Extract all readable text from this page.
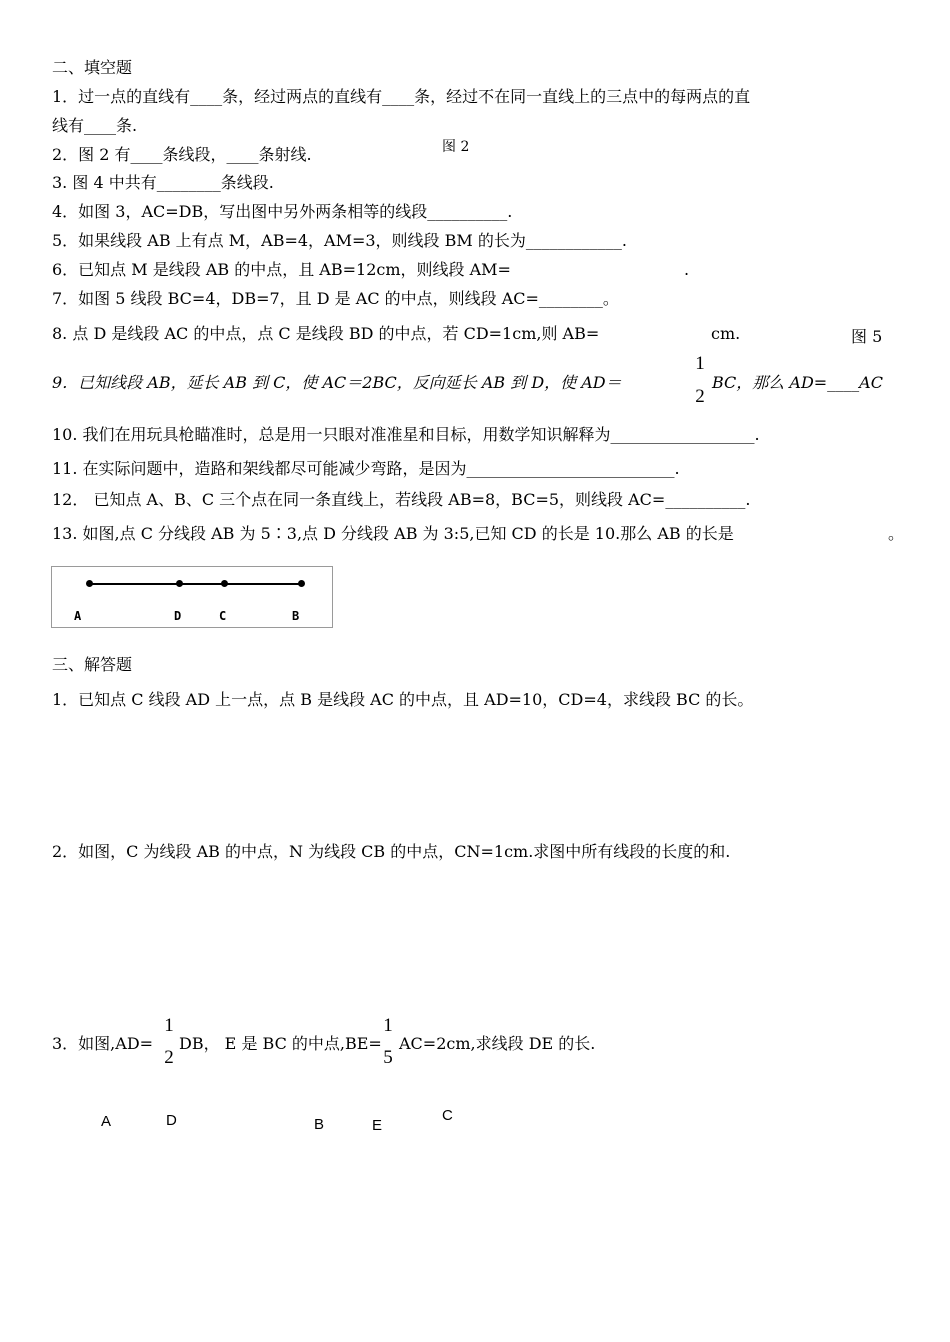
二、填空题
1．过一点的直线有____条，经过两点的直线有____条，经过不在同一直线上的三点中的每两点的直
线有____条.
2．图 2 有____条线段，____条射线.	图 2
3. 图 4 中共有________条线段.
4．如图 3，AC=DB，写出图中另外两条相等的线段__________.
5．如果线段 AB 上有点 M，AB=4，AM=3，则线段 BM 的长为____________.
6．已知点 M 是线段 AB 的中点，且 AB=12cm，则线段 AM=	.
7．如图 5 线段 BC=4，DB=7，且 D 是 AC 的中点，则线段 AC=________。
8. 点 D 是线段 AC 的中点，点 C 是线段 BD 的中点，若 CD=1cm,则 AB=	cm.	图 5
9．已知线段 AB，延长 AB 到 C，使 AC＝2BC，反向延长 AB 到 D，使 AD＝
1
2
BC，那么 AD=____AC
10. 我们在用玩具枪瞄准时，总是用一只眼对准准星和目标，用数学知识解释为__________________.
11. 在实际问题中，造路和架线都尽可能减少弯路，是因为__________________________.
12． 已知点 A、B、C 三个点在同一条直线上，若线段 AB=8，BC=5，则线段 AC=__________.
13. 如图,点 C 分线段 AB 为 5∶3,点 D 分线段 AB 为 3:5,已知 CD 的长是 10.那么 AB 的长是	。
A	D	C	B
三、解答题
1．已知点 C 线段 AD 上一点，点 B 是线段 AC 的中点，且 AD=10，CD=4，求线段 BC 的长。
2．如图，C 为线段 AB 的中点，N 为线段 CB 的中点，CN=1cm.求图中所有线段的长度的和.
3．如图,AD=
1
2
DB， E 是 BC 的中点,BE=
1
5
AC=2cm,求线段 DE 的长.
A	D	B	E
C
